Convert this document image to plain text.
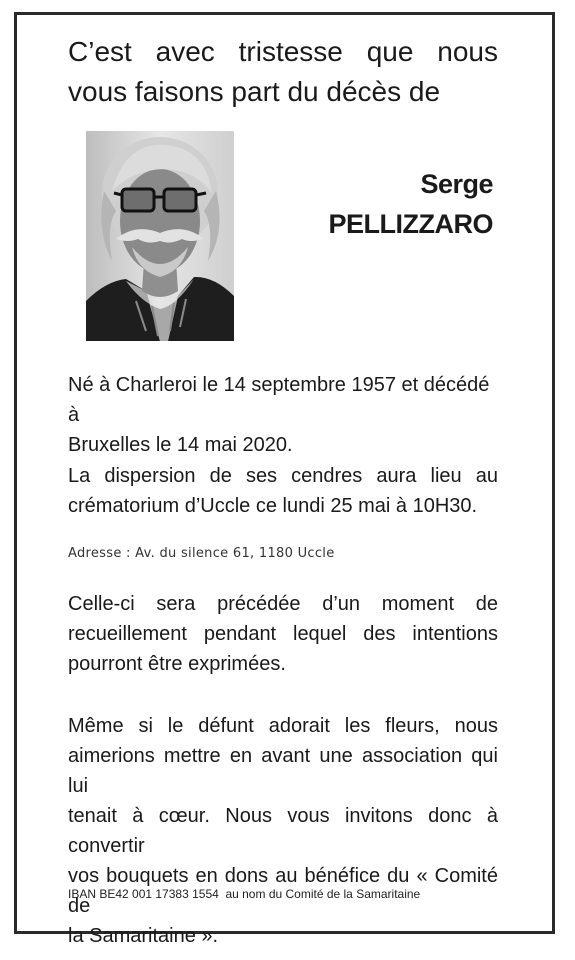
C’est avec tristesse que nous
vous faisons part du décès de

Serge
PELLIZZARO

Né à Charleroi le 14 septembre 1957 et décédé à
Bruxelles le 14 mai 2020.

La dispersion de ses cendres aura lieu au
crématorium d’Uccle ce lundi 25 mai à 10H30.

Adresse : Av. du silence 61, 1180 Uccle

Celle-ci sera précédée d’un moment de
recueillement pendant lequel des intentions
pourront être exprimées.

Même si le défunt adorait les fleurs, nous
aimerions mettre en avant une association qui lui
tenait à cœur. Nous vous invitons donc à convertir
vos bouquets en dons au bénéfice du « Comité de
la Samaritaine ».

IBAN BE42 001 17383 1554  au nom du Comité de la Samaritaine
